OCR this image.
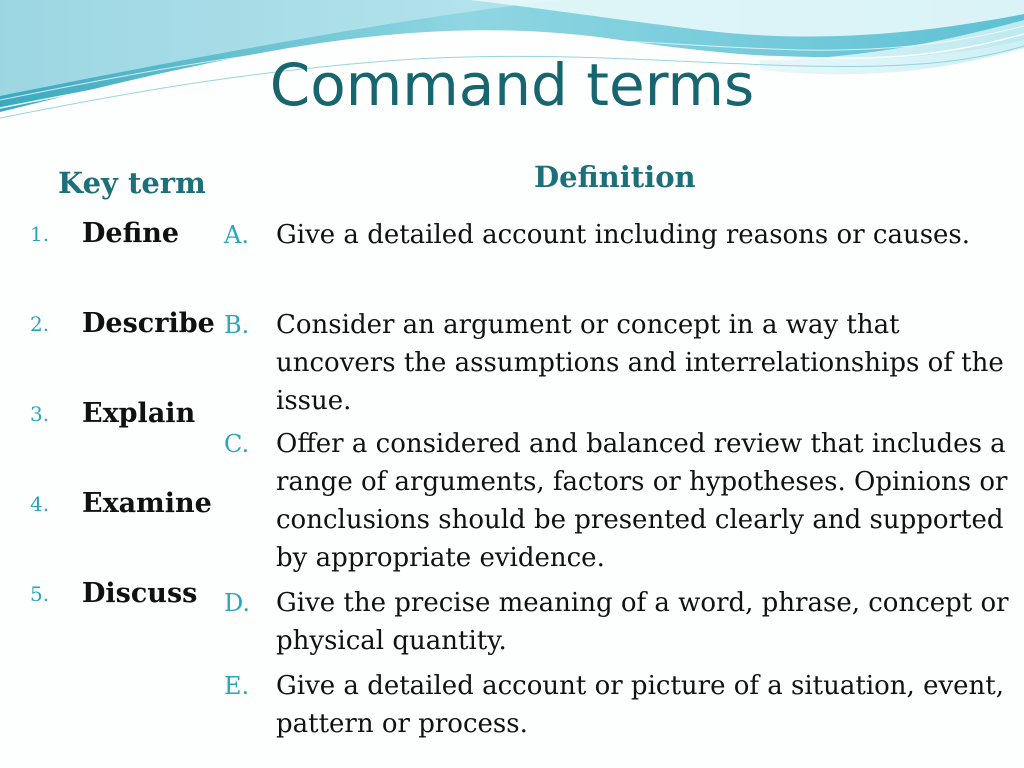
Command terms
Key term	Definition
1. Define
2. Describe
3. Explain
4. Examine
5. Discuss
A. Give a detailed account including reasons or causes.
B. Consider an argument or concept in a way that uncovers the assumptions and interrelationships of the issue.
C. Offer a considered and balanced review that includes a range of arguments, factors or hypotheses. Opinions or conclusions should be presented clearly and supported by appropriate evidence.
D. Give the precise meaning of a word, phrase, concept or physical quantity.
E. Give a detailed account or picture of a situation, event, pattern or process.
